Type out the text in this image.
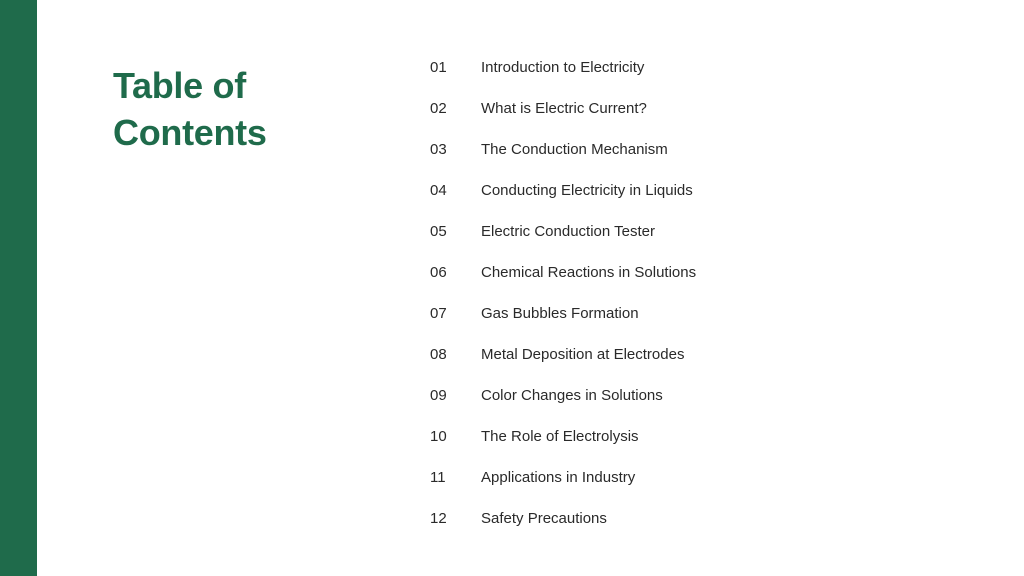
Table of
Contents
01	Introduction to Electricity
02	What is Electric Current?
03	The Conduction Mechanism
04	Conducting Electricity in Liquids
05	Electric Conduction Tester
06	Chemical Reactions in Solutions
07	Gas Bubbles Formation
08	Metal Deposition at Electrodes
09	Color Changes in Solutions
10	The Role of Electrolysis
11	Applications in Industry
12	Safety Precautions
